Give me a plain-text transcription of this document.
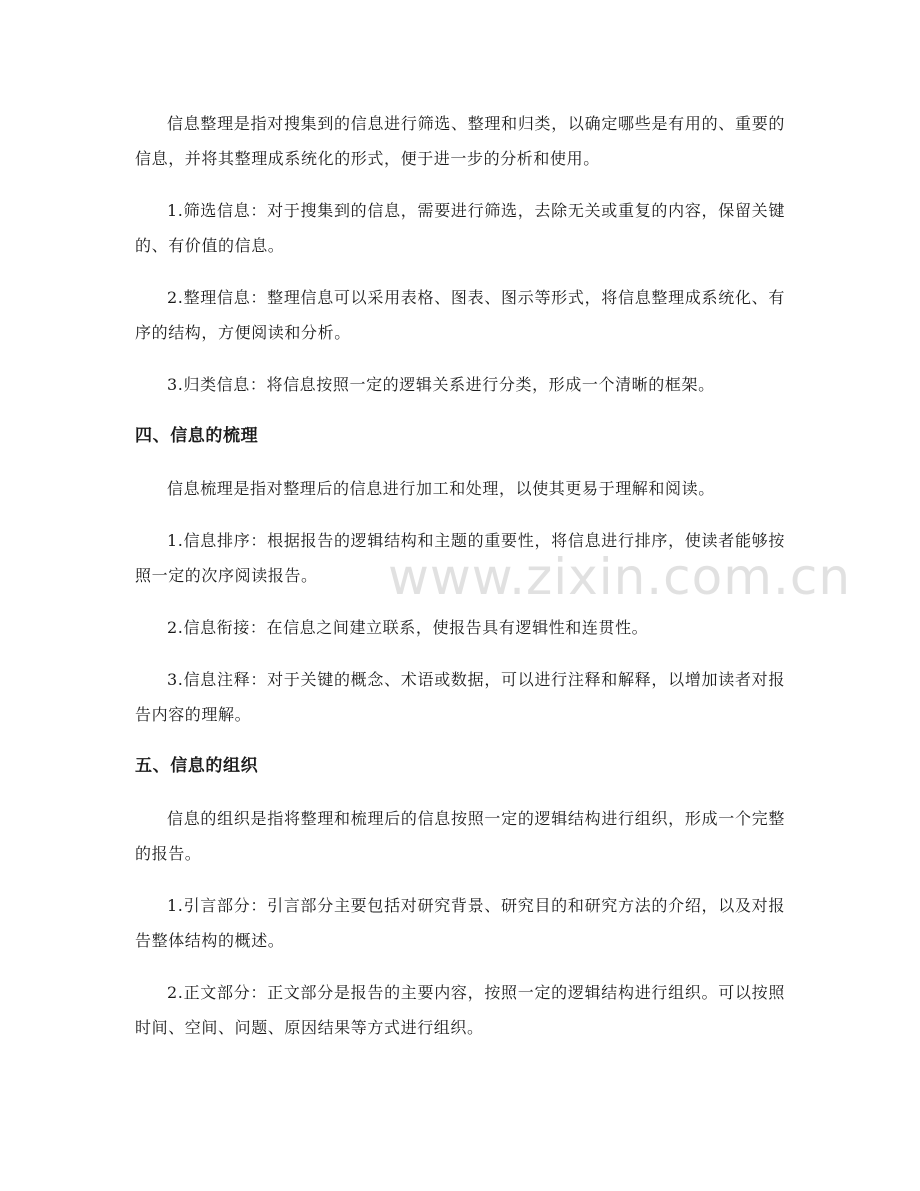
信息整理是指对搜集到的信息进行筛选、整理和归类，以确定哪些是有用的、重要的信息，并将其整理成系统化的形式，便于进一步的分析和使用。

1.筛选信息：对于搜集到的信息，需要进行筛选，去除无关或重复的内容，保留关键的、有价值的信息。

2.整理信息：整理信息可以采用表格、图表、图示等形式，将信息整理成系统化、有序的结构，方便阅读和分析。

3.归类信息：将信息按照一定的逻辑关系进行分类，形成一个清晰的框架。

四、信息的梳理

信息梳理是指对整理后的信息进行加工和处理，以使其更易于理解和阅读。

1.信息排序：根据报告的逻辑结构和主题的重要性，将信息进行排序，使读者能够按照一定的次序阅读报告。

2.信息衔接：在信息之间建立联系，使报告具有逻辑性和连贯性。

3.信息注释：对于关键的概念、术语或数据，可以进行注释和解释，以增加读者对报告内容的理解。

五、信息的组织

信息的组织是指将整理和梳理后的信息按照一定的逻辑结构进行组织，形成一个完整的报告。

1.引言部分：引言部分主要包括对研究背景、研究目的和研究方法的介绍，以及对报告整体结构的概述。

2.正文部分：正文部分是报告的主要内容，按照一定的逻辑结构进行组织。可以按照时间、空间、问题、原因结果等方式进行组织。

www.zixin.com.cn
